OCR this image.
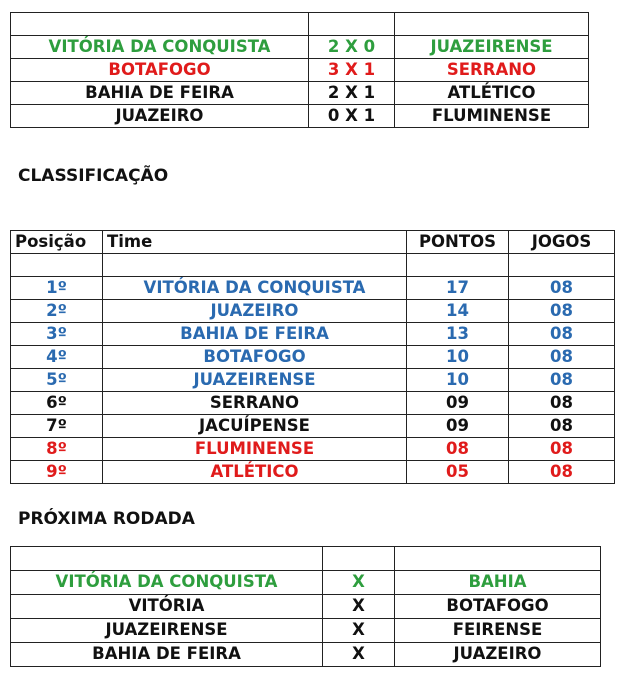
VITÓRIA DA CONQUISTA	2 X 0	JUAZEIRENSE
BOTAFOGO	3 X 1	SERRANO
BAHIA DE FEIRA	2 X 1	ATLÉTICO
JUAZEIRO	0 X 1	FLUMINENSE
CLASSIFICAÇÃO
Posição	Time	PONTOS	JOGOS

1º	VITÓRIA DA CONQUISTA	17	08
2º	JUAZEIRO	14	08
3º	BAHIA DE FEIRA	13	08
4º	BOTAFOGO	10	08
5º	JUAZEIRENSE	10	08
6º	SERRANO	09	08
7º	JACUÍPENSE	09	08
8º	FLUMINENSE	08	08
9º	ATLÉTICO	05	08
PRÓXIMA RODADA

VITÓRIA DA CONQUISTA	X	BAHIA
VITÓRIA	X	BOTAFOGO
JUAZEIRENSE	X	FEIRENSE
BAHIA DE FEIRA	X	JUAZEIRO
